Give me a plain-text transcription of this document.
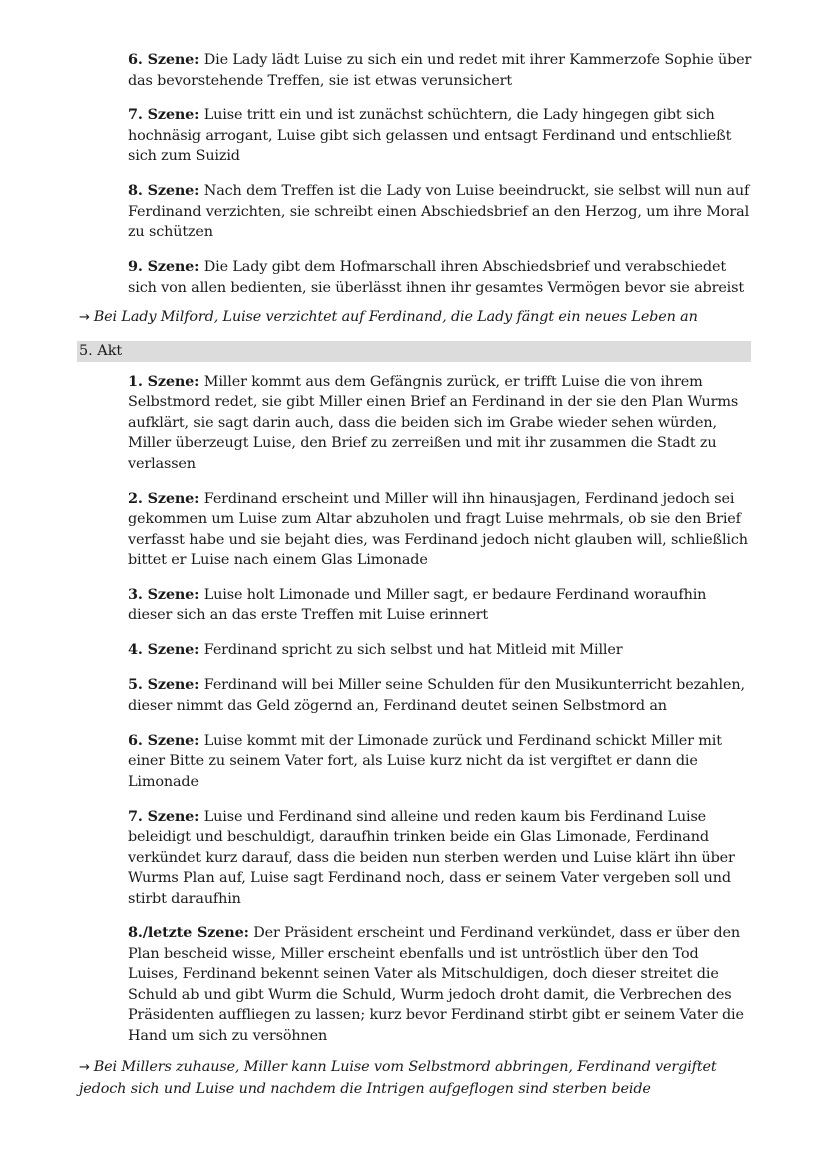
6. Szene: Die Lady lädt Luise zu sich ein und redet mit ihrer Kammerzofe Sophie über das bevorstehende Treffen, sie ist etwas verunsichert

7. Szene: Luise tritt ein und ist zunächst schüchtern, die Lady hingegen gibt sich hochnäsig arrogant, Luise gibt sich gelassen und entsagt Ferdinand und entschließt sich zum Suizid

8. Szene: Nach dem Treffen ist die Lady von Luise beeindruckt, sie selbst will nun auf Ferdinand verzichten, sie schreibt einen Abschiedsbrief an den Herzog, um ihre Moral zu schützen

9. Szene: Die Lady gibt dem Hofmarschall ihren Abschiedsbrief und verabschiedet sich von allen bedienten, sie überlässt ihnen ihr gesamtes Vermögen bevor sie abreist

→ Bei Lady Milford, Luise verzichtet auf Ferdinand, die Lady fängt ein neues Leben an

5. Akt

1. Szene: Miller kommt aus dem Gefängnis zurück, er trifft Luise die von ihrem Selbstmord redet, sie gibt Miller einen Brief an Ferdinand in der sie den Plan Wurms aufklärt, sie sagt darin auch, dass die beiden sich im Grabe wieder sehen würden, Miller überzeugt Luise, den Brief zu zerreißen und mit ihr zusammen die Stadt zu verlassen

2. Szene: Ferdinand erscheint und Miller will ihn hinausjagen, Ferdinand jedoch sei gekommen um Luise zum Altar abzuholen und fragt Luise mehrmals, ob sie den Brief verfasst habe und sie bejaht dies, was Ferdinand jedoch nicht glauben will, schließlich bittet er Luise nach einem Glas Limonade

3. Szene: Luise holt Limonade und Miller sagt, er bedaure Ferdinand woraufhin dieser sich an das erste Treffen mit Luise erinnert

4. Szene: Ferdinand spricht zu sich selbst und hat Mitleid mit Miller

5. Szene: Ferdinand will bei Miller seine Schulden für den Musikunterricht bezahlen, dieser nimmt das Geld zögernd an, Ferdinand deutet seinen Selbstmord an

6. Szene: Luise kommt mit der Limonade zurück und Ferdinand schickt Miller mit einer Bitte zu seinem Vater fort, als Luise kurz nicht da ist vergiftet er dann die Limonade

7. Szene: Luise und Ferdinand sind alleine und reden kaum bis Ferdinand Luise beleidigt und beschuldigt, daraufhin trinken beide ein Glas Limonade, Ferdinand verkündet kurz darauf, dass die beiden nun sterben werden und Luise klärt ihn über Wurms Plan auf, Luise sagt Ferdinand noch, dass er seinem Vater vergeben soll und stirbt daraufhin

8./letzte Szene: Der Präsident erscheint und Ferdinand verkündet, dass er über den Plan bescheid wisse, Miller erscheint ebenfalls und ist untröstlich über den Tod Luises, Ferdinand bekennt seinen Vater als Mitschuldigen, doch dieser streitet die Schuld ab und gibt Wurm die Schuld, Wurm jedoch droht damit, die Verbrechen des Präsidenten auffliegen zu lassen; kurz bevor Ferdinand stirbt gibt er seinem Vater die Hand um sich zu versöhnen

→ Bei Millers zuhause, Miller kann Luise vom Selbstmord abbringen, Ferdinand vergiftet jedoch sich und Luise und nachdem die Intrigen aufgeflogen sind sterben beide
